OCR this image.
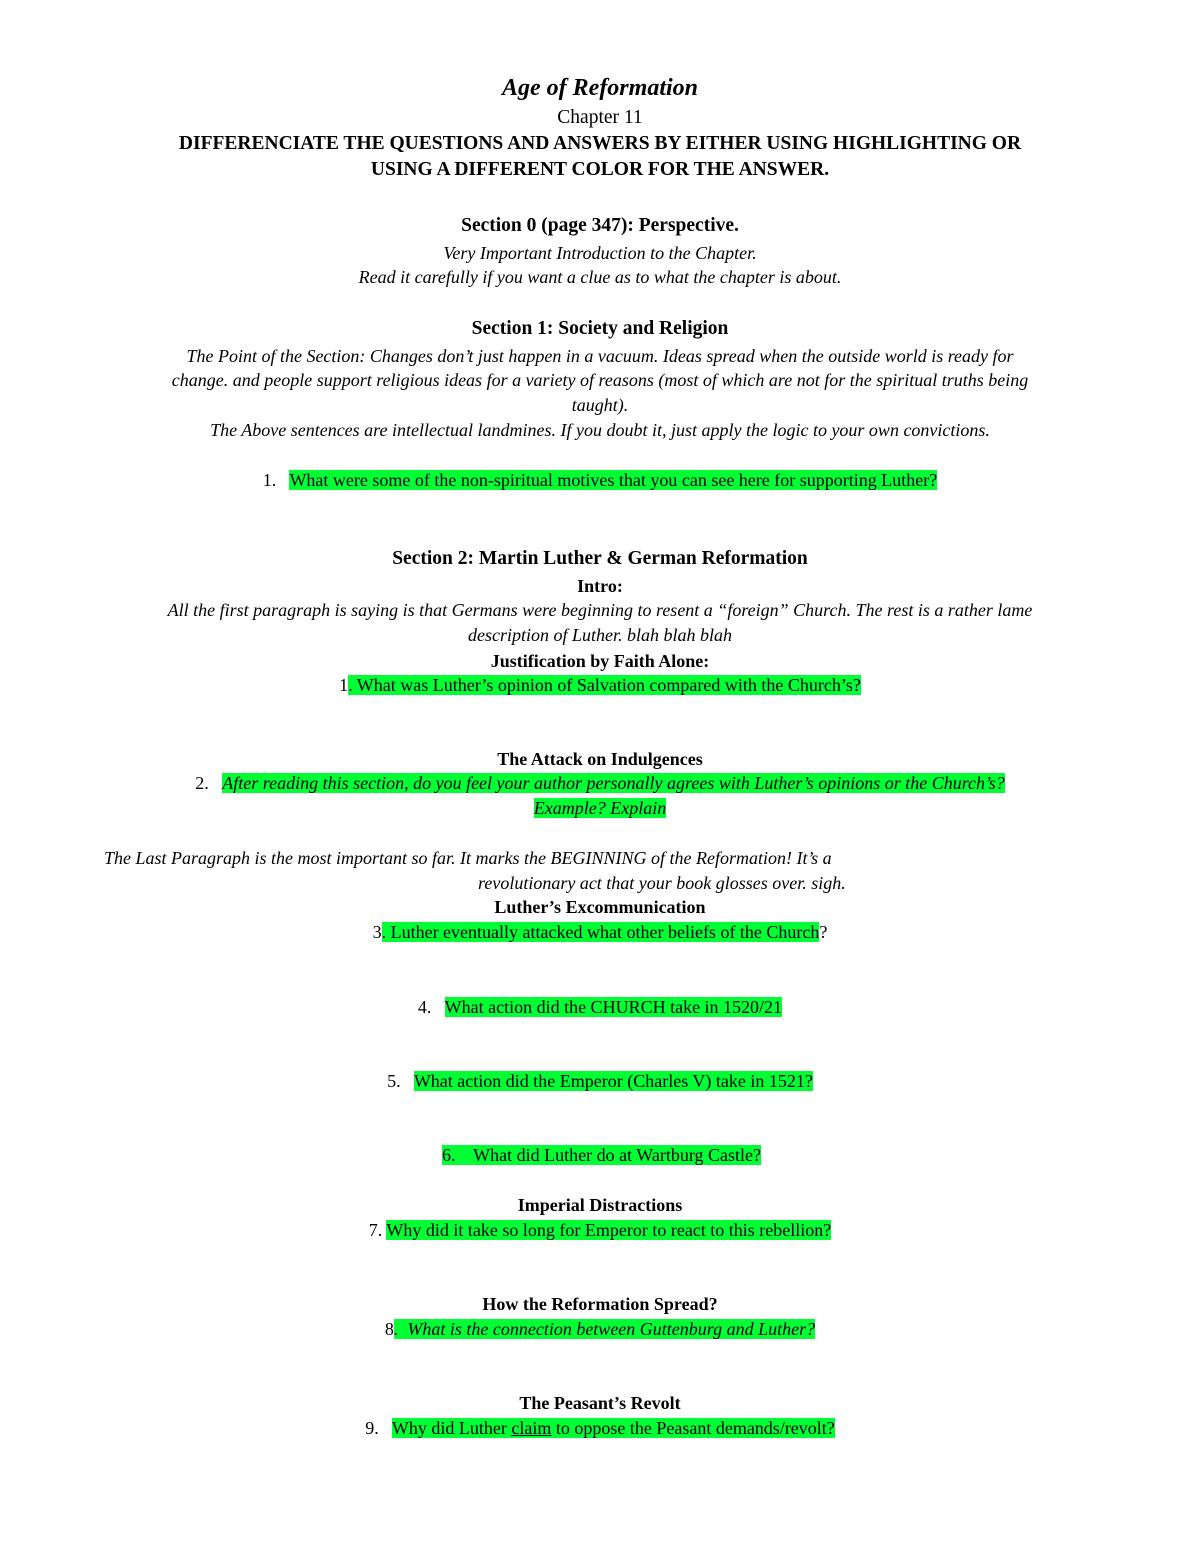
Age of Reformation
Chapter 11
DIFFERENCIATE THE QUESTIONS AND ANSWERS BY EITHER USING HIGHLIGHTING OR
USING A DIFFERENT COLOR FOR THE ANSWER.
Section 0 (page 347): Perspective.
Very Important Introduction to the Chapter.
Read it carefully if you want a clue as to what the chapter is about.
Section 1: Society and Religion
The Point of the Section: Changes don’t just happen in a vacuum. Ideas spread when the outside world is ready for
change. and people support religious ideas for a variety of reasons (most of which are not for the spiritual truths being
taught).
The Above sentences are intellectual landmines. If you doubt it, just apply the logic to your own convictions.
1. What were some of the non-spiritual motives that you can see here for supporting Luther?
Section 2: Martin Luther & German Reformation
Intro:
All the first paragraph is saying is that Germans were beginning to resent a “foreign” Church. The rest is a rather lame
description of Luther. blah blah blah
Justification by Faith Alone:
1. What was Luther’s opinion of Salvation compared with the Church’s?
The Attack on Indulgences
2. After reading this section, do you feel your author personally agrees with Luther’s opinions or the Church’s?
Example? Explain
The Last Paragraph is the most important so far. It marks the BEGINNING of the Reformation! It’s a
revolutionary act that your book glosses over. sigh.
Luther’s Excommunication
3. Luther eventually attacked what other beliefs of the Church?
4. What action did the CHURCH take in 1520/21
5. What action did the Emperor (Charles V) take in 1521?
6.    What did Luther do at Wartburg Castle?
Imperial Distractions
7. Why did it take so long for Emperor to react to this rebellion?
How the Reformation Spread?
8.  What is the connection between Guttenburg and Luther?
The Peasant’s Revolt
9. Why did Luther claim to oppose the Peasant demands/revolt?
